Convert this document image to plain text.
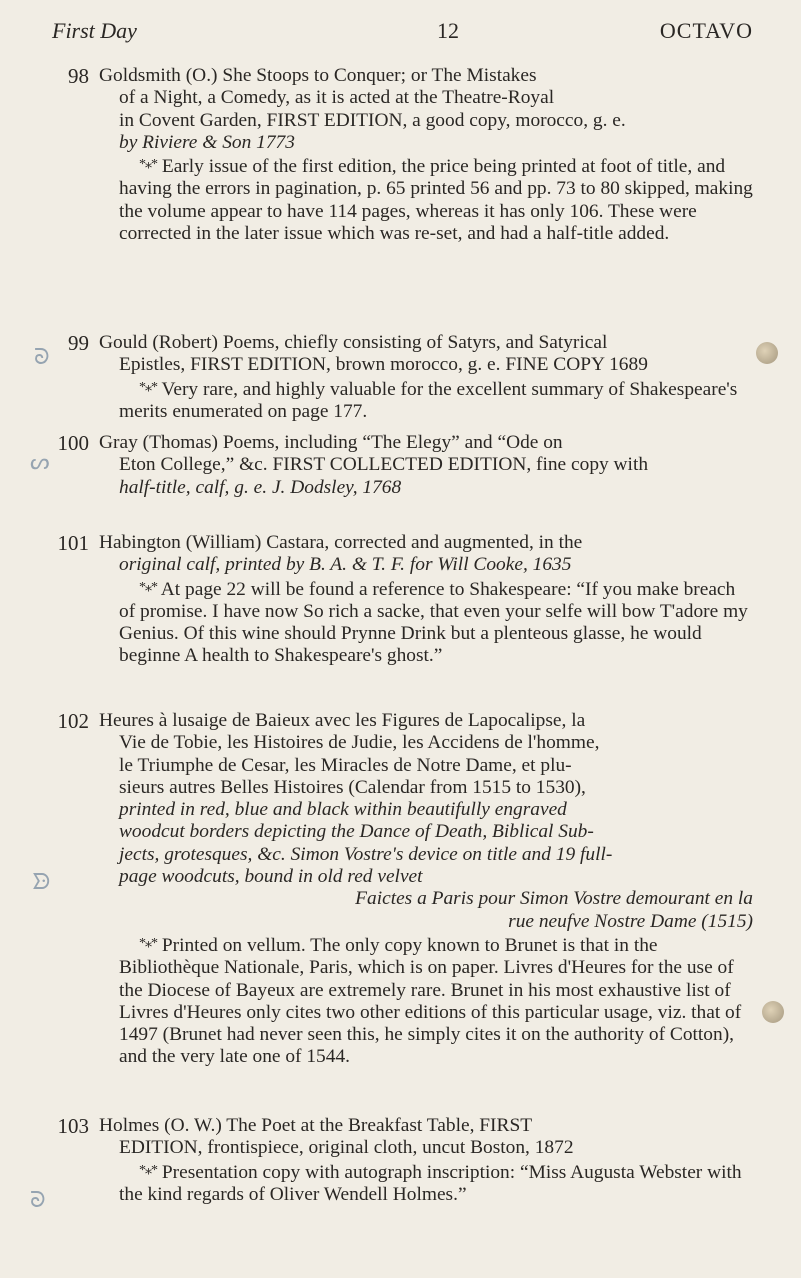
First Day	12	OCTAVO
98 Goldsmith (O.) She Stoops to Conquer; or The Mistakes

of a Night, a Comedy, as it is acted at the Theatre-Royal

in Covent Garden, FIRST EDITION, a good copy, morocco, g. e.

by Riviere & Son 1773

*⁎* Early issue of the first edition, the price being printed at foot of title, and having the errors in pagination, p. 65 printed 56 and pp. 73 to 80 skipped, making the volume appear to have 114 pages, whereas it has only 106. These were corrected in the later issue which was re-set, and had a half-title added.

99 Gould (Robert) Poems, chiefly consisting of Satyrs, and Satyrical

Epistles, FIRST EDITION, brown morocco, g. e. FINE COPY 1689

*⁎* Very rare, and highly valuable for the excellent summary of Shakespeare's merits enumerated on page 177.

100 Gray (Thomas) Poems, including “The Elegy” and “Ode on

Eton College,” &c. FIRST COLLECTED EDITION, fine copy with

half-title, calf, g. e. J. Dodsley, 1768

101 Habington (William) Castara, corrected and augmented, in the

original calf, printed by B. A. & T. F. for Will Cooke, 1635

*⁎* At page 22 will be found a reference to Shakespeare: “If you make breach of promise. I have now So rich a sacke, that even your selfe will bow T'adore my Genius. Of this wine should Prynne Drink but a plenteous glasse, he would beginne A health to Shakespeare's ghost.”

102 Heures à lusaige de Baieux avec les Figures de Lapocalipse, la

Vie de Tobie, les Histoires de Judie, les Accidens de l'homme,

le Triumphe de Cesar, les Miracles de Notre Dame, et plu-

sieurs autres Belles Histoires (Calendar from 1515 to 1530),

printed in red, blue and black within beautifully engraved

woodcut borders depicting the Dance of Death, Biblical Sub-

jects, grotesques, &c. Simon Vostre's device on title and 19 full-

page woodcuts, bound in old red velvet

Faictes a Paris pour Simon Vostre demourant en la

rue neufve Nostre Dame (1515)

*⁎* Printed on vellum. The only copy known to Brunet is that in the Bibliothèque Nationale, Paris, which is on paper. Livres d'Heures for the use of the Diocese of Bayeux are extremely rare. Brunet in his most exhaustive list of Livres d'Heures only cites two other editions of this particular usage, viz. that of 1497 (Brunet had never seen this, he simply cites it on the authority of Cotton), and the very late one of 1544.

103 Holmes (O. W.) The Poet at the Breakfast Table, FIRST

EDITION, frontispiece, original cloth, uncut Boston, 1872

*⁎* Presentation copy with autograph inscription: “Miss Augusta Webster with the kind regards of Oliver Wendell Holmes.”

ᘐ
ᔕ
ᗦ
ᘐ
